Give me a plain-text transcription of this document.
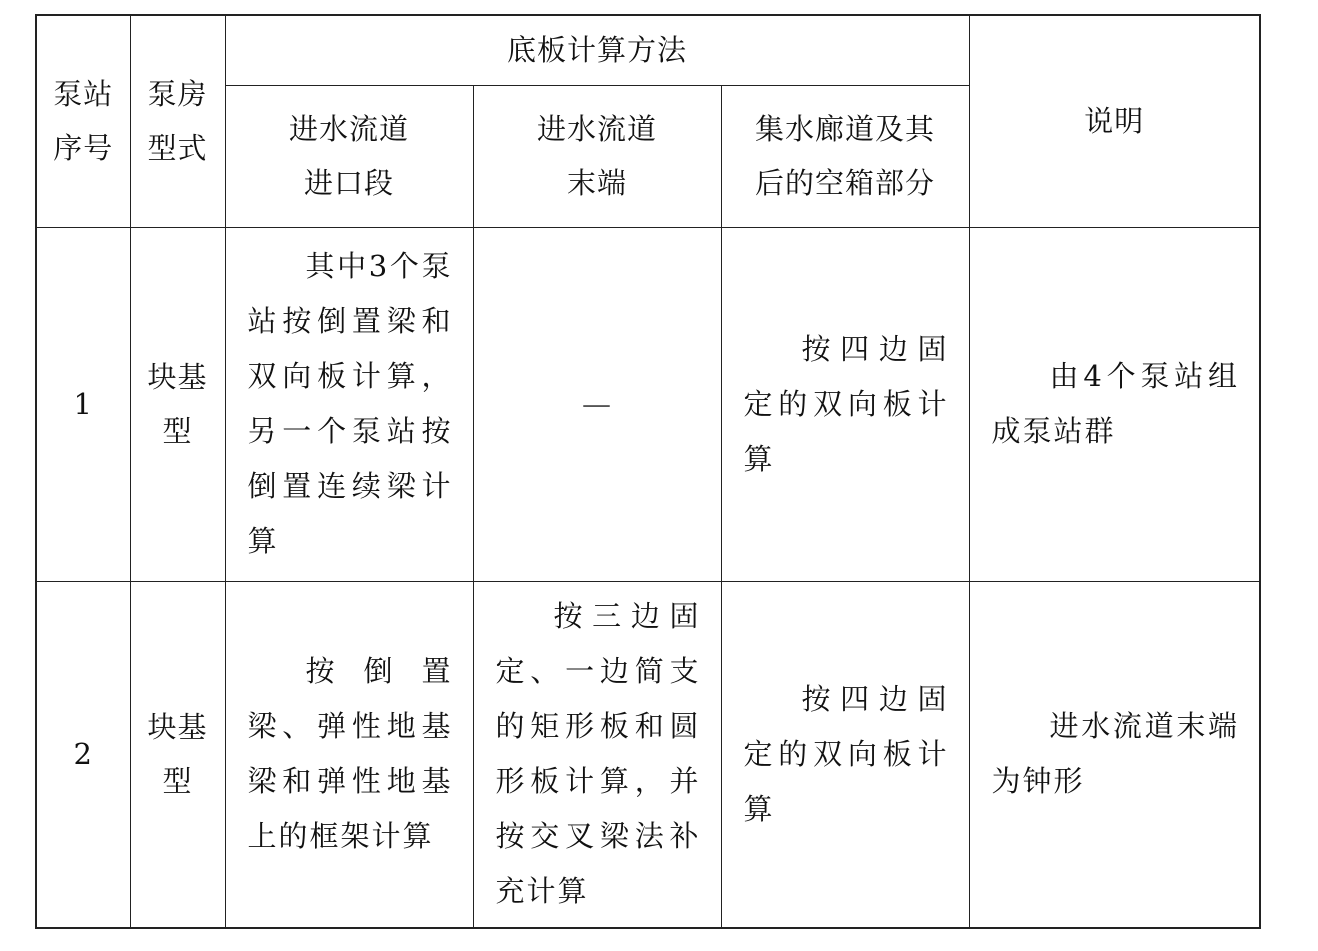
泵站序号	泵房型式	底板计算方法			说明

		进水流道进口段	进水流道末端	集水廊道及其后的空箱部分	

1	块基型	其中3个泵站按倒置梁和双向板计算，另一个泵站按倒置连续梁计算	—	按四边固定的双向板计算	由4个泵站组成泵站群

2	块基型	按倒置梁、弹性地基梁和弹性地基上的框架计算	按三边固定、一边简支的矩形板和圆形板计算，并按交叉梁法补充计算	按四边固定的双向板计算	进水流道末端为钟形
